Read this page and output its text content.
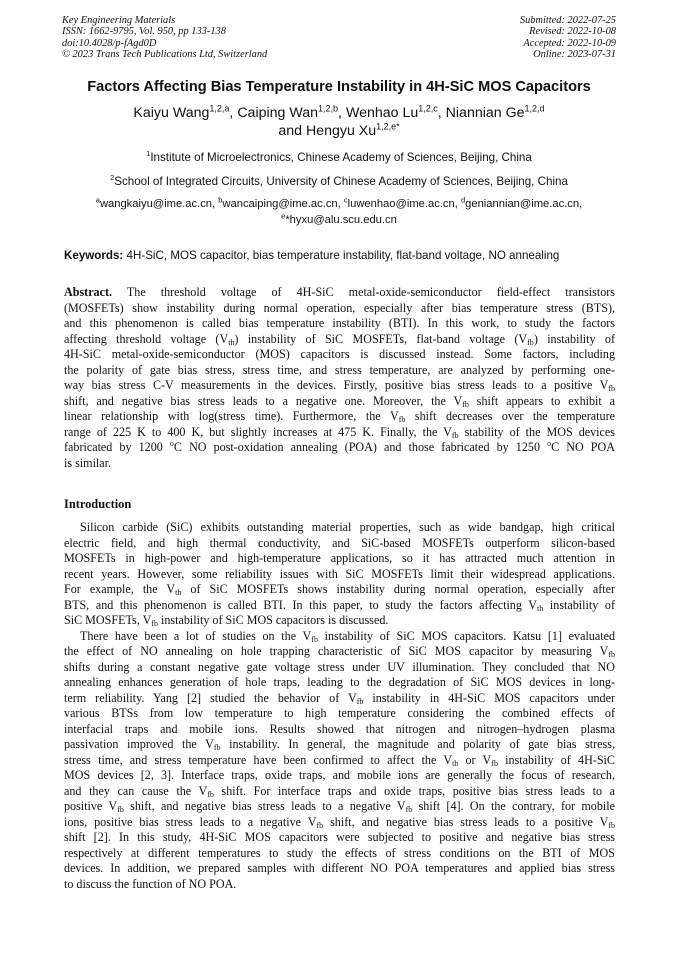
Key Engineering Materials
ISSN: 1662-9795, Vol. 950, pp 133-138
doi:10.4028/p-fAgd0D
© 2023 Trans Tech Publications Ltd, Switzerland
Submitted: 2022-07-25
Revised: 2022-10-08
Accepted: 2022-10-09
Online: 2023-07-31
Factors Affecting Bias Temperature Instability in 4H-SiC MOS Capacitors
Kaiyu Wang$^{1,2,a}$, Caiping Wan$^{1,2,b}$, Wenhao Lu$^{1,2,c}$, Niannian Ge$^{1,2,d}$
and Hengyu $Xu^{1,2,e*}$
$^1$Institute of Microelectronics, Chinese Academy of Sciences, Beijing, China
$^2$School of Integrated Circuits, University of Chinese Academy of Sciences, Beijing, China
$^a$wangkaiyu@ime.ac.cn, $^b$wancaiping@ime.ac.cn, $^c$luwenhao@ime.ac.cn, $^d$geniannian@ime.ac.cn,
$^e$*hyxu@alu.scu.edu.cn
Keywords: 4H-SiC, MOS capacitor, bias temperature instability, flat-band voltage, NO annealing
Abstract. The threshold voltage of 4H-SiC metal-oxide-semiconductor field-effect transistors
(MOSFETs) show instability during normal operation, especially after bias temperature stress (BTS),
and this phenomenon is called bias temperature instability (BTI). In this work, to study the factors
affecting threshold voltage $(V_{th})$ instability of SiC MOSFETs, flat-band voltage $(V_{fb})$ instability of
4H-SiC metal-oxide-semiconductor (MOS) capacitors is discussed instead. Some factors, including
the polarity of gate bias stress, stress time, and stress temperature, are analyzed by performing one-
way bias stress C-V measurements in the devices. Firstly, positive bias stress leads to a positive $V_{fb}$
shift, and negative bias stress leads to a negative one. Moreover, the $V_{fb}$ shift appears to exhibit a
linear relationship with log(stress time). Furthermore, the $V_{fb}$ shift decreases over the temperature
range of 225 K to 400 K, but slightly increases at 475 K. Finally, the $V_{fb}$ stability of the MOS devices
fabricated by 1200 $^o$C NO post-oxidation annealing (POA) and those fabricated by 1250 $^o$C NO POA
is similar.
Introduction
Silicon carbide (SiC) exhibits outstanding material properties, such as wide bandgap, high critical
electric field, and high thermal conductivity, and SiC-based MOSFETs outperform silicon-based
MOSFETs in high-power and high-temperature applications, so it has attracted much attention in
recent years. However, some reliability issues with SiC MOSFETs limit their widespread applications.
For example, the $V_{th}$ of SiC MOSFETs shows instability during normal operation, especially after
BTS, and this phenomenon is called BTI. In this paper, to study the factors affecting $V_{th}$ instability of
SiC MOSFETs, $V_{fb}$ instability of SiC MOS capacitors is discussed.
There have been a lot of studies on the $V_{fb}$ instability of SiC MOS capacitors. Katsu [1] evaluated
the effect of NO annealing on hole trapping characteristic of SiC MOS capacitor by measuring $V_{fb}$
shifts during a constant negative gate voltage stress under UV illumination. They concluded that NO
annealing enhances generation of hole traps, leading to the degradation of SiC MOS devices in long-
term reliability. Yang [2] studied the behavior of $V_{fb}$ instability in 4H-SiC MOS capacitors under
various BTSs from low temperature to high temperature considering the combined effects of
interfacial traps and mobile ions. Results showed that nitrogen and nitrogen–hydrogen plasma
passivation improved the $V_{fb}$ instability. In general, the magnitude and polarity of gate bias stress,
stress time, and stress temperature have been confirmed to affect the $V_{th}$ or $V_{fb}$ instability of 4H-SiC
MOS devices [2, 3]. Interface traps, oxide traps, and mobile ions are generally the focus of research,
and they can cause the $V_{fb}$ shift. For interface traps and oxide traps, positive bias stress leads to a
positive $V_{fb}$ shift, and negative bias stress leads to a negative $V_{fb}$ shift [4]. On the contrary, for mobile
ions, positive bias stress leads to a negative $V_{fb}$ shift, and negative bias stress leads to a positive $V_{fb}$
shift [2]. In this study, 4H-SiC MOS capacitors were subjected to positive and negative bias stress
respectively at different temperatures to study the effects of stress conditions on the BTI of MOS
devices. In addition, we prepared samples with different NO POA temperatures and applied bias stress
to discuss the function of NO POA.
